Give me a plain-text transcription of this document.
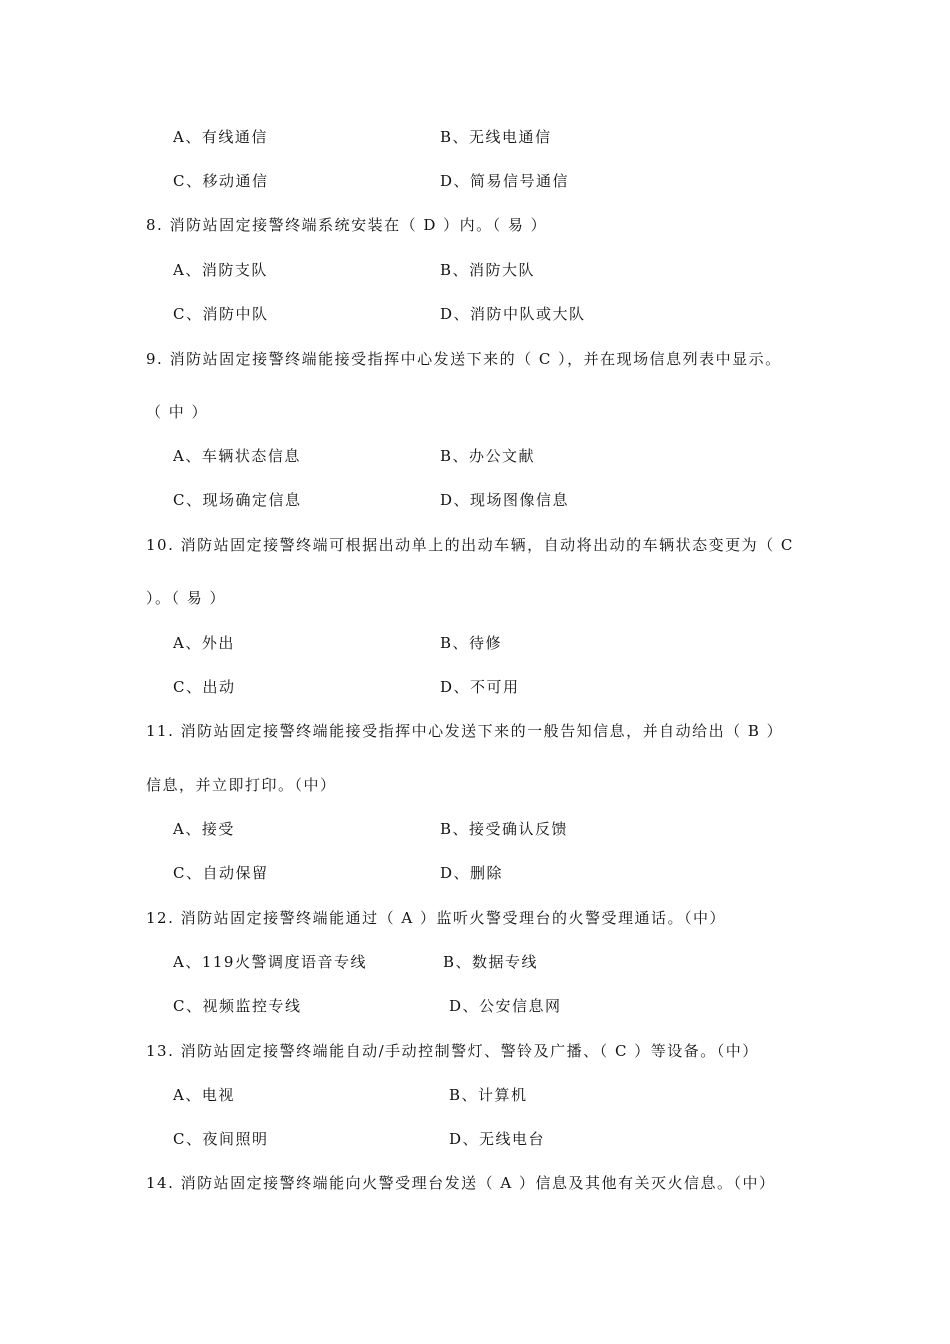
A、有线通信	B、无线电通信
C、移动通信	D、简易信号通信
8. 消防站固定接警终端系统安装在（ D ）内。（ 易 ）
A、消防支队	B、消防大队
C、消防中队	D、消防中队或大队
9. 消防站固定接警终端能接受指挥中心发送下来的（ C ），并在现场信息列表中显示。
（ 中 ）
A、车辆状态信息	B、办公文献
C、现场确定信息	D、现场图像信息
10. 消防站固定接警终端可根据出动单上的出动车辆，自动将出动的车辆状态变更为（ C
）。（ 易 ）
A、外出	B、待修
C、出动	D、不可用
11. 消防站固定接警终端能接受指挥中心发送下来的一般告知信息，并自动给出（ B ）
信息，并立即打印。（中）
A、接受	B、接受确认反馈
C、自动保留	D、删除
12. 消防站固定接警终端能通过（ A ）监听火警受理台的火警受理通话。（中）
A、119火警调度语音专线	B、数据专线
C、视频监控专线	D、公安信息网
13. 消防站固定接警终端能自动/手动控制警灯、警铃及广播、（ C ）等设备。（中）
A、电视	B、计算机
C、夜间照明	D、无线电台
14. 消防站固定接警终端能向火警受理台发送（ A ）信息及其他有关灭火信息。（中）
